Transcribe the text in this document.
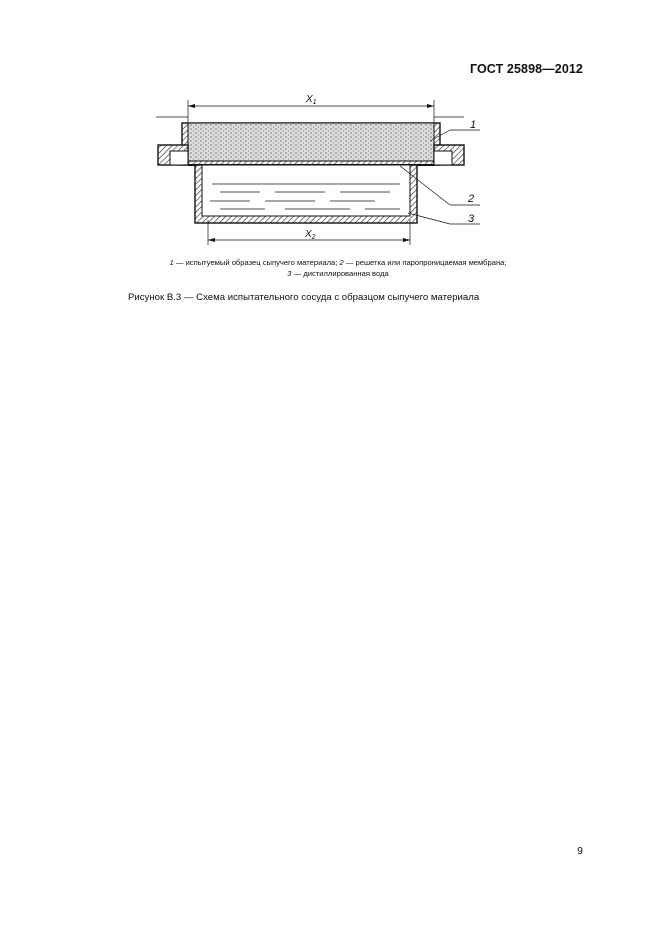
ГОСТ 25898—2012
$X_1$
$X_2$
1
2
3
1 — испытуемый образец сыпучего материала; 2 — решетка или паропроницаемая мембрана;
3 — дистиллированная вода
Рисунок В.3 — Схема испытательного сосуда с образцом сыпучего материала
9
